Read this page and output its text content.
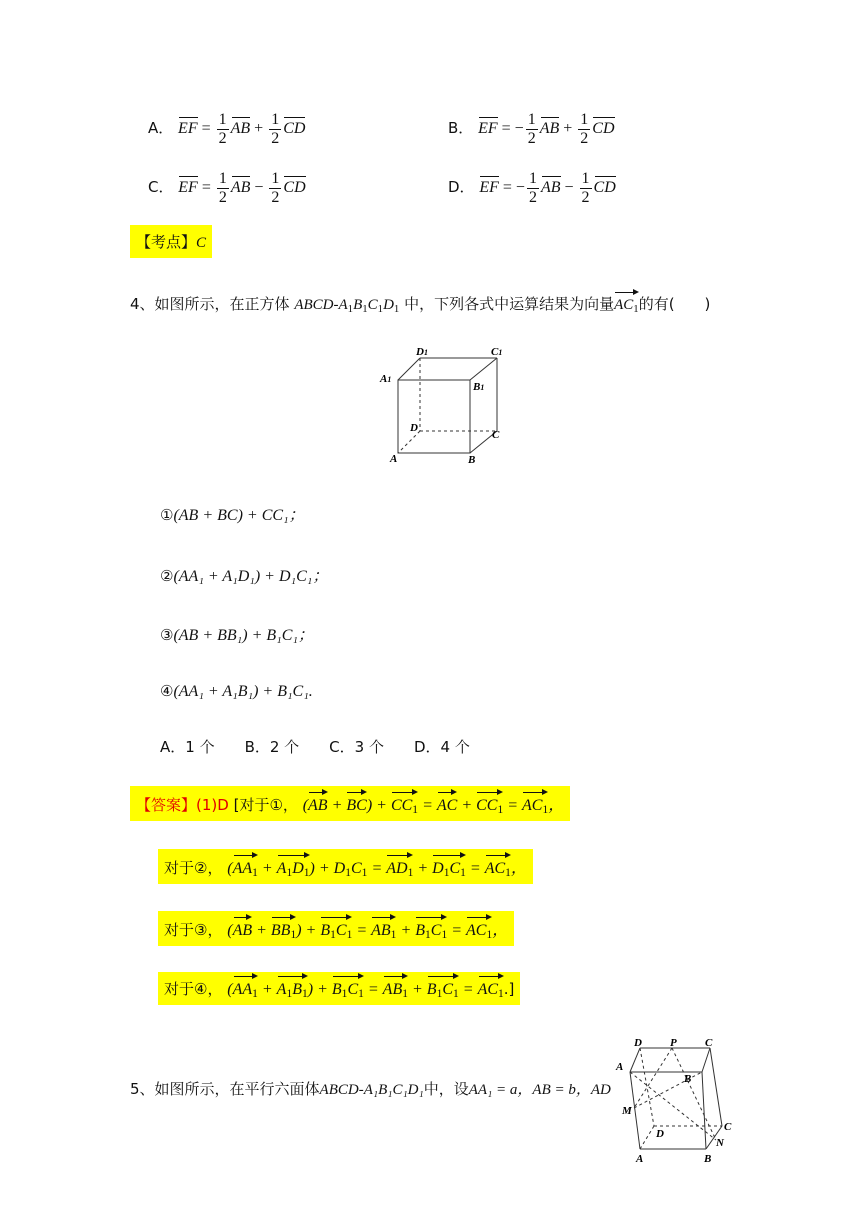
A． EF = $\frac{1}{2}$ AB + $\frac{1}{2}$ CD	B． EF = − $\frac{1}{2}$ AB + $\frac{1}{2}$ CD
C． EF = $\frac{1}{2}$ AB − $\frac{1}{2}$ CD	D． EF = − $\frac{1}{2}$ AB − $\frac{1}{2}$ CD
【考点】C
4、如图所示，在正方体 ABCD-$A_1B_1C_1D_1$ 中，下列各式中运算结果为向量$AC_1$的有(　　)
D1	C1
A1
B1
D
C
A	B
①(AB + BC) + CC₁；
②(AA₁ + A₁D₁) + D₁C₁；
③(AB + BB₁) + B₁C₁；
④(AA₁ + A₁B₁) + B₁C₁.
A．1 个　　B．2 个　　C．3 个　　D．4 个
【答案】(1)D [对于①， $(AB + BC) + CC_1$ = AC + $CC_1 = AC_1$，
对于②， $(AA_1 + A_1D_1) + D_1C_1 = AD_1 + D_1C_1 = AC_1$，
对于③， $(AB + BB_1) + B_1C_1 = AB_1 + B_1C_1 = AC_1$，
对于④， $(AA_1 + A_1B_1) + B_1C_1 = AB_1 + B_1C_1 = AC_1$.]
5、如图所示，在平行六面体ABCD-A₁B₁C₁D₁中，设AA₁ = a，AB = b，AD
D	P	C
A
B
M
C
N
D
A	B
